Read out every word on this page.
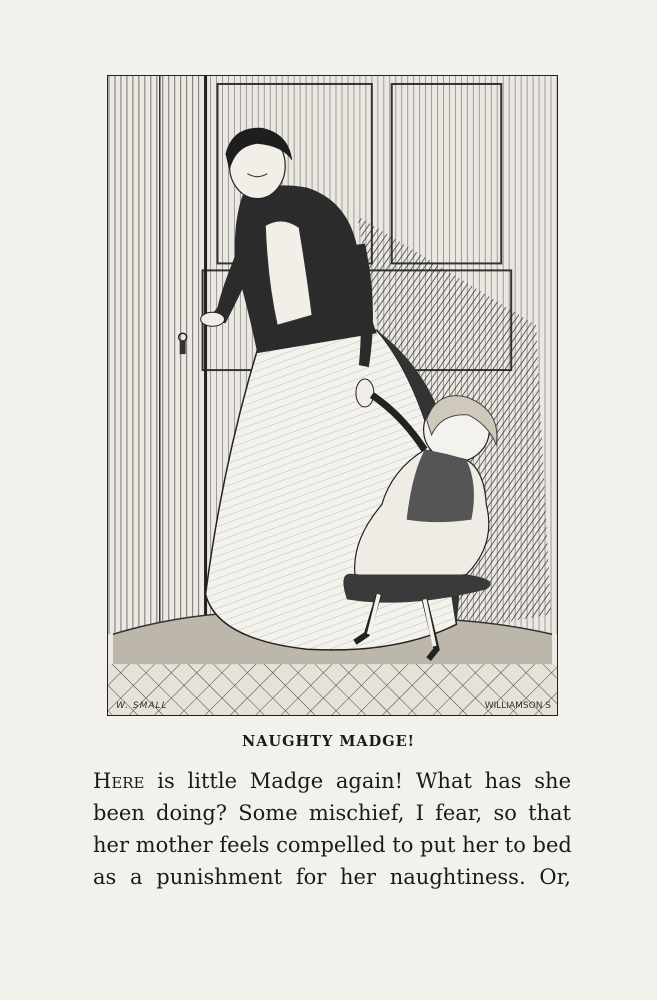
W. SMALL	WILLIAMSON S
NAUGHTY MADGE!
Here is little Madge again! What has she
been doing? Some mischief, I fear, so that
her mother feels compelled to put her to bed
as a punishment for her naughtiness. Or,
